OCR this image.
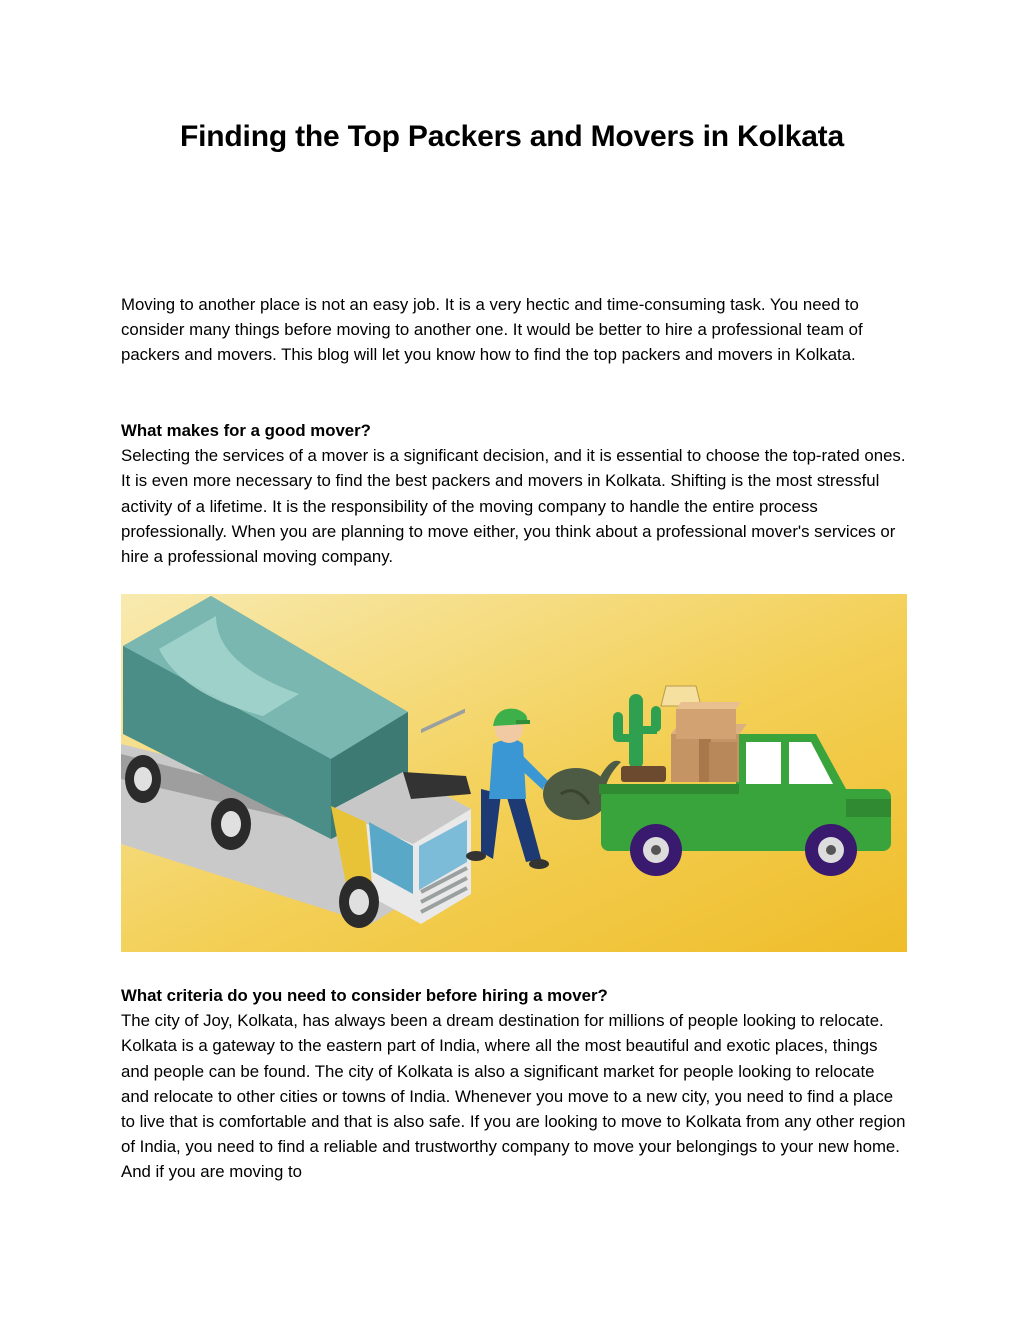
Finding the Top Packers and Movers in Kolkata

Moving to another place is not an easy job. It is a very hectic and time-consuming task. You need to consider many things before moving to another one. It would be better to hire a professional team of packers and movers. This blog will let you know how to find the top packers and movers in Kolkata.

What makes for a good mover?

Selecting the services of a mover is a significant decision, and it is essential to choose the top-rated ones. It is even more necessary to find the best packers and movers in Kolkata. Shifting is the most stressful activity of a lifetime. It is the responsibility of the moving company to handle the entire process professionally. When you are planning to move either, you think about a professional mover's services or hire a professional moving company.

What criteria do you need to consider before hiring a mover?

The city of Joy, Kolkata, has always been a dream destination for millions of people looking to relocate. Kolkata is a gateway to the eastern part of India, where all the most beautiful and exotic places, things and people can be found. The city of Kolkata is also a significant market for people looking to relocate and relocate to other cities or towns of India. Whenever you move to a new city, you need to find a place to live that is comfortable and that is also safe. If you are looking to move to Kolkata from any other region of India, you need to find a reliable and trustworthy company to move your belongings to your new home. And if you are moving to
